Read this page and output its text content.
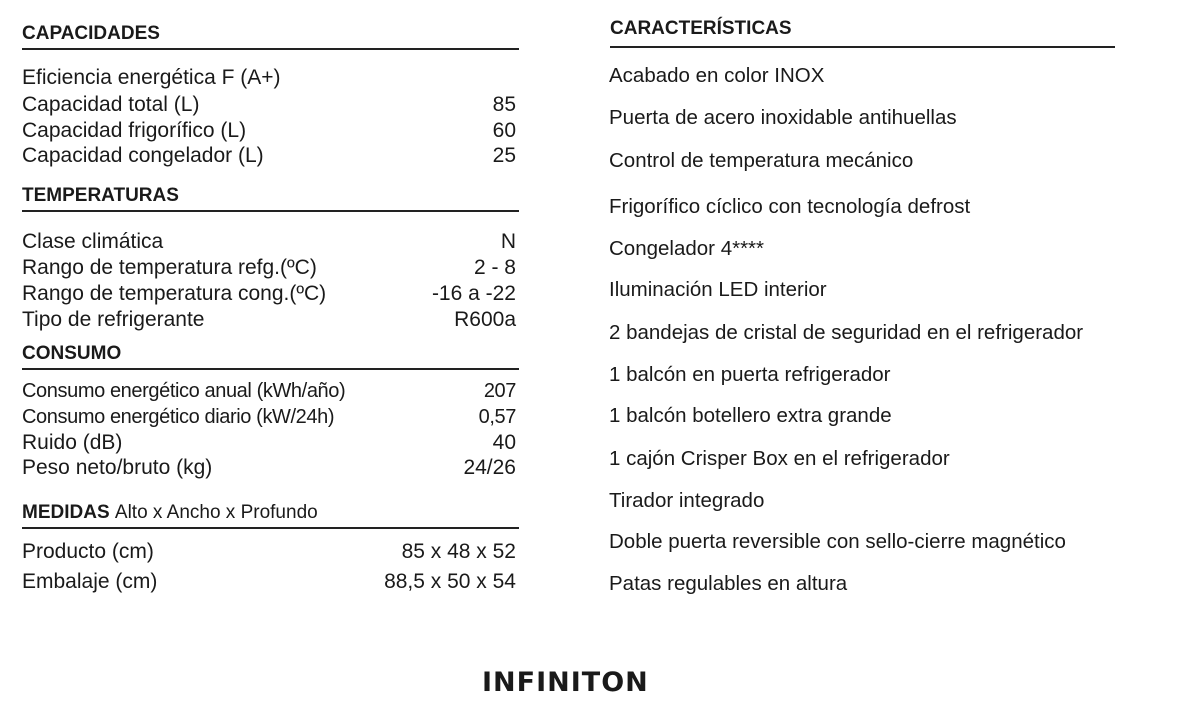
CAPACIDADES
Eficiencia energética F (A+)
Capacidad total (L)	85
Capacidad frigorífico (L)	60
Capacidad congelador (L)	25
TEMPERATURAS
Clase climática	N
Rango de temperatura refg.(ºC)	2 - 8
Rango de temperatura cong.(ºC)	-16 a -22
Tipo de refrigerante	R600a
CONSUMO
Consumo energético anual (kWh/año)	207
Consumo energético diario (kW/24h)	0,57
Ruido (dB)	40
Peso neto/bruto (kg)	24/26
MEDIDAS Alto x Ancho x Profundo
Producto (cm)	85 x 48 x 52
Embalaje (cm)	88,5 x 50 x 54
CARACTERÍSTICAS
Acabado en color INOX
Puerta de acero inoxidable antihuellas
Control de temperatura mecánico
Frigorífico cíclico con tecnología defrost
Congelador 4****
Iluminación LED interior
2 bandejas de cristal de seguridad en el refrigerador
1 balcón en puerta refrigerador
1 balcón botellero extra grande
1 cajón Crisper Box en el refrigerador
Tirador integrado
Doble puerta reversible con sello-cierre magnético
Patas regulables en altura
INFINITON
